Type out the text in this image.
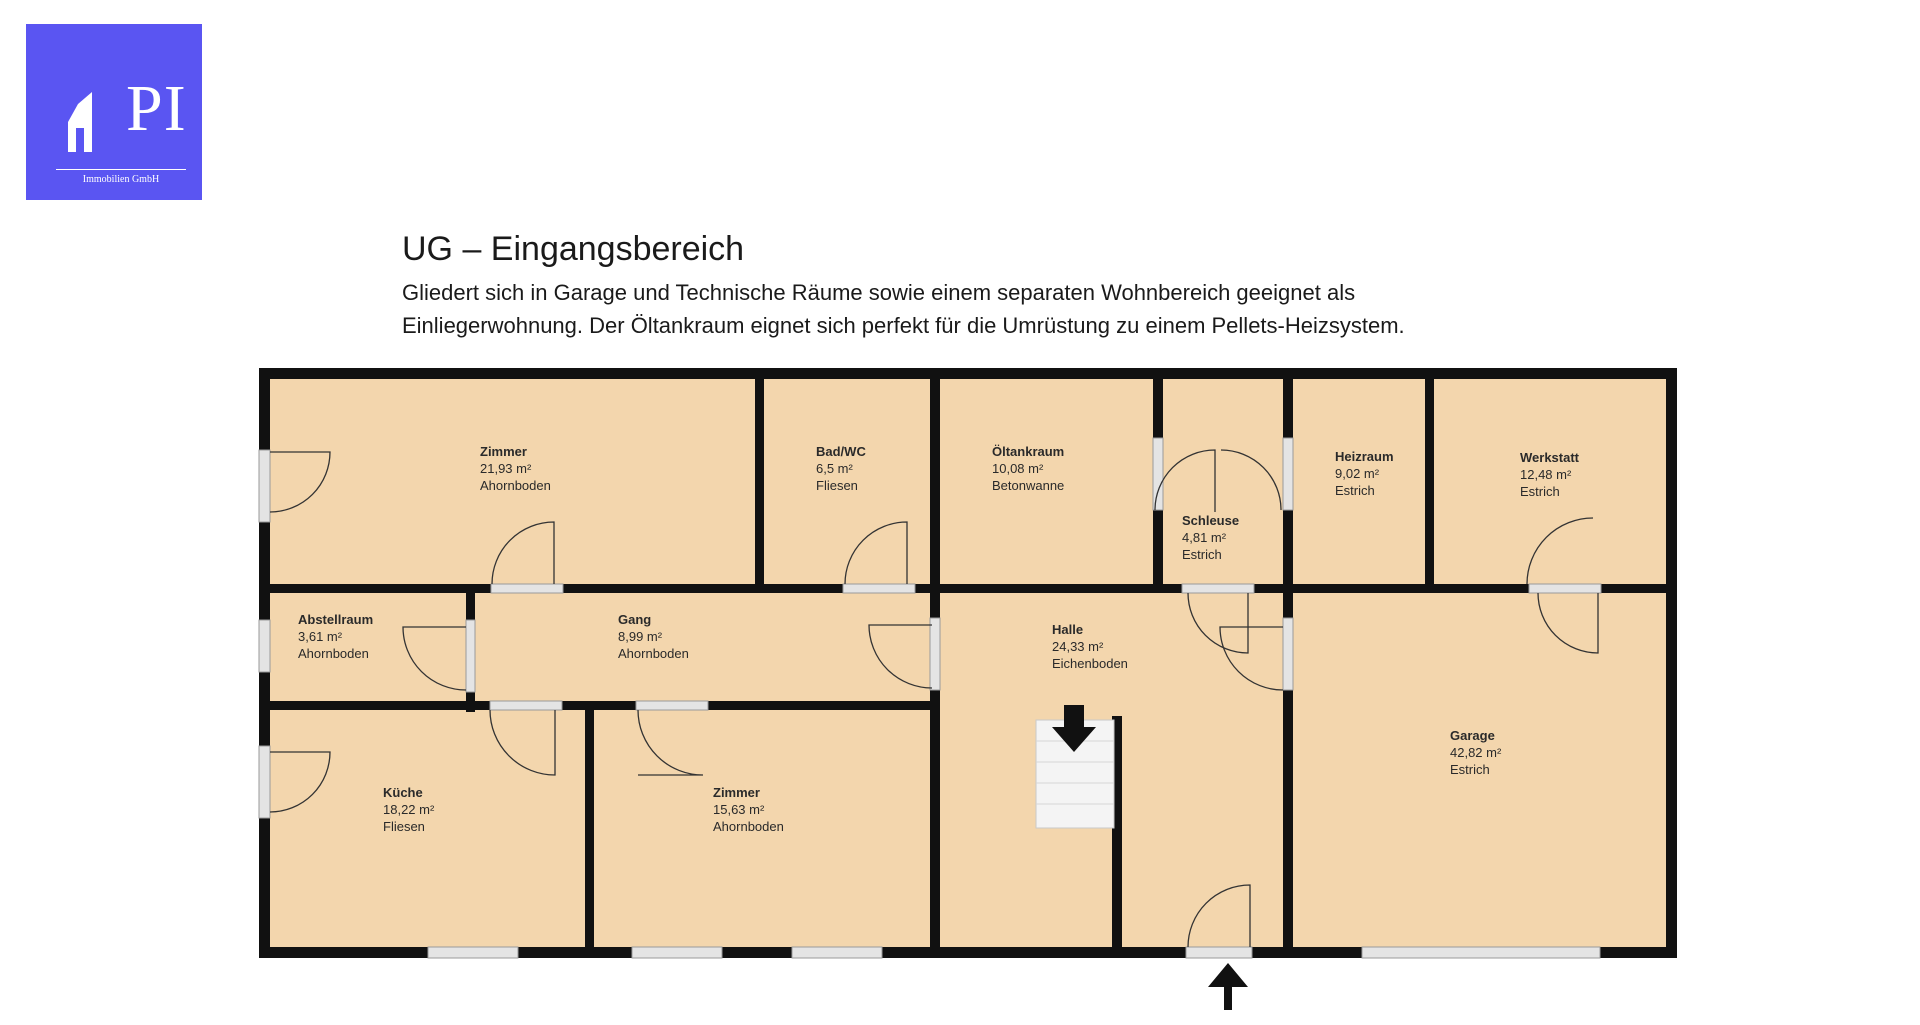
PI
Immobilien GmbH
UG – Eingangsbereich
Gliedert sich in Garage und Technische Räume sowie einem separaten Wohnbereich geeignet als
Einliegerwohnung. Der Öltankraum eignet sich perfekt für die Umrüstung zu einem Pellets-Heizsystem.
Zimmer
21,93 m²
Ahornboden
Bad/WC
6,5 m²
Fliesen
Öltankraum
10,08 m²
Betonwanne
Schleuse
4,81 m²
Estrich
Heizraum
9,02 m²
Estrich
Werkstatt
12,48 m²
Estrich
Abstellraum
3,61 m²
Ahornboden
Gang
8,99 m²
Ahornboden
Halle
24,33 m²
Eichenboden
Garage
42,82 m²
Estrich
Küche
18,22 m²
Fliesen
Zimmer
15,63 m²
Ahornboden
